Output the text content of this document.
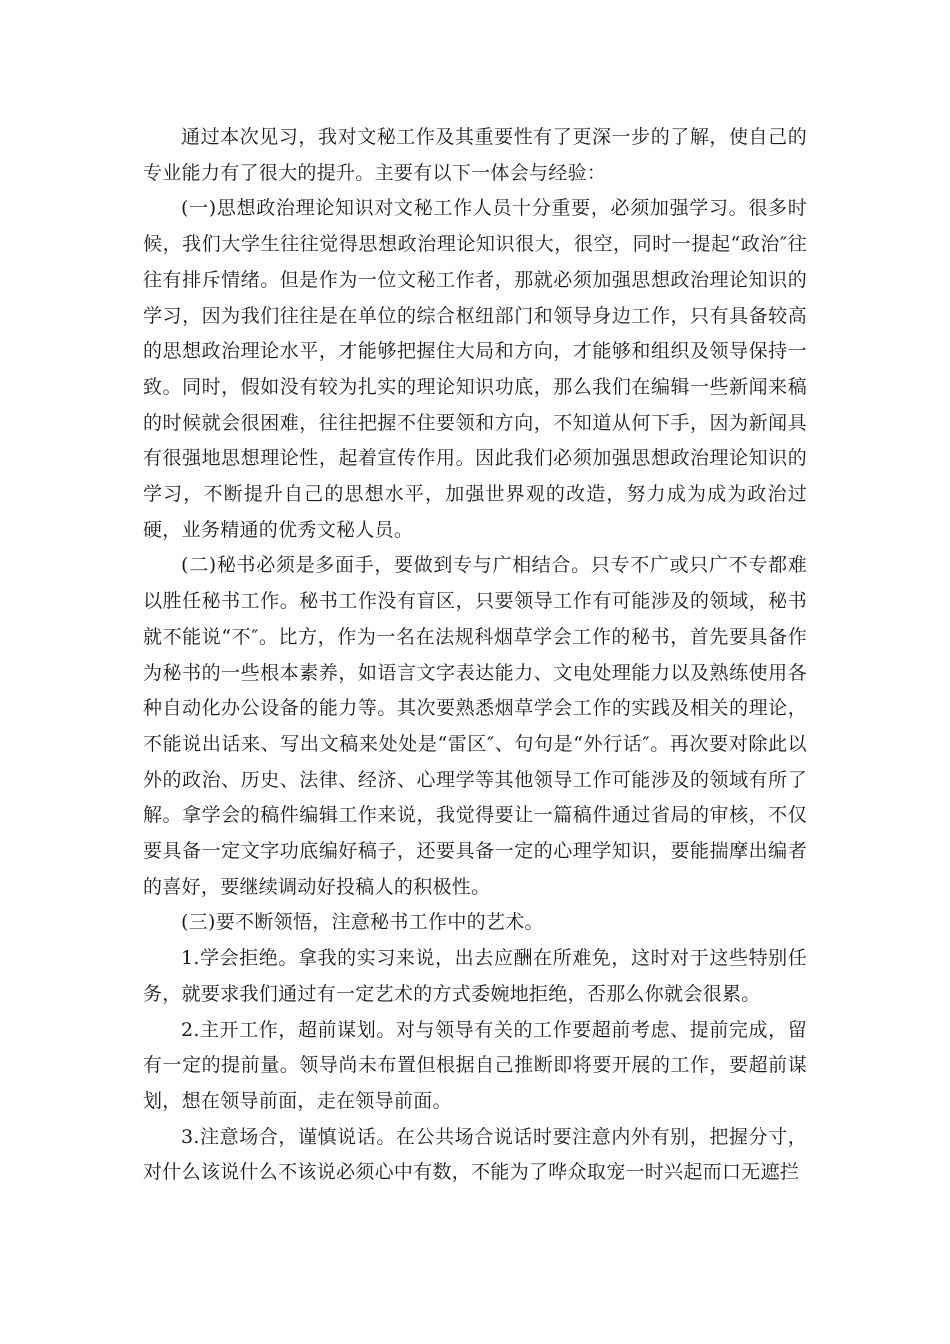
通过本次见习，我对文秘工作及其重要性有了更深一步的了解，使自己的专业能力有了很大的提升。主要有以下一体会与经验：

(一)思想政治理论知识对文秘工作人员十分重要，必须加强学习。很多时候，我们大学生往往觉得思想政治理论知识很大，很空，同时一提起“政治″往往有排斥情绪。但是作为一位文秘工作者，那就必须加强思想政治理论知识的学习，因为我们往往是在单位的综合枢纽部门和领导身边工作，只有具备较高的思想政治理论水平，才能够把握住大局和方向，才能够和组织及领导保持一致。同时，假如没有较为扎实的理论知识功底，那么我们在编辑一些新闻来稿的时候就会很困难，往往把握不住要领和方向，不知道从何下手，因为新闻具有很强地思想理论性，起着宣传作用。因此我们必须加强思想政治理论知识的学习，不断提升自己的思想水平，加强世界观的改造，努力成为成为政治过硬，业务精通的优秀文秘人员。

(二)秘书必须是多面手，要做到专与广相结合。只专不广或只广不专都难以胜任秘书工作。秘书工作没有盲区，只要领导工作有可能涉及的领域，秘书就不能说“不″。比方，作为一名在法规科烟草学会工作的秘书，首先要具备作为秘书的一些根本素养，如语言文字表达能力、文电处理能力以及熟练使用各种自动化办公设备的能力等。其次要熟悉烟草学会工作的实践及相关的理论，不能说出话来、写出文稿来处处是“雷区″、句句是“外行话″。再次要对除此以外的政治、历史、法律、经济、心理学等其他领导工作可能涉及的领域有所了解。拿学会的稿件编辑工作来说，我觉得要让一篇稿件通过省局的审核，不仅要具备一定文字功底编好稿子，还要具备一定的心理学知识，要能揣摩出编者的喜好，要继续调动好投稿人的积极性。

(三)要不断领悟，注意秘书工作中的艺术。

1.学会拒绝。拿我的实习来说，出去应酬在所难免，这时对于这些特别任务，就要求我们通过有一定艺术的方式委婉地拒绝，否那么你就会很累。

2.主开工作，超前谋划。对与领导有关的工作要超前考虑、提前完成，留有一定的提前量。领导尚未布置但根据自己推断即将要开展的工作，要超前谋划，想在领导前面，走在领导前面。

3.注意场合，谨慎说话。在公共场合说话时要注意内外有别，把握分寸，对什么该说什么不该说必须心中有数，不能为了哗众取宠一时兴起而口无遮拦
